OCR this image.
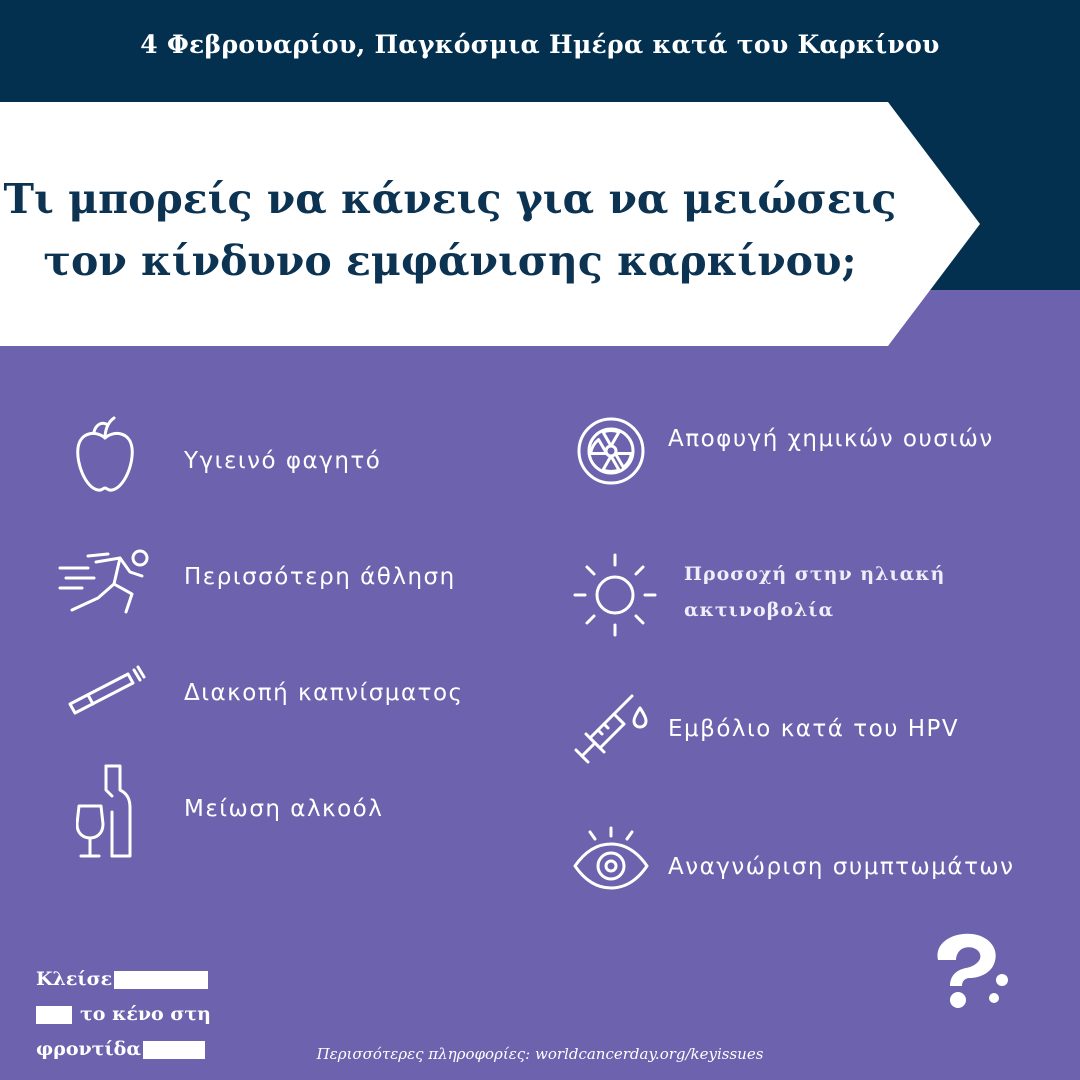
4 Φεβρουαρίου, Παγκόσμια Ημέρα κατά του Καρκίνου
Τι μπορείς να κάνεις για να μειώσεις
τον κίνδυνο εμφάνισης καρκίνου;
Υγιεινό φαγητό
Περισσότερη άθληση
Διακοπή καπνίσματος
Μείωση αλκοόλ
Αποφυγή χημικών ουσιών
Προσοχή στην ηλιακή
ακτινοβολία
Εμβόλιο κατά του HPV
Αναγνώριση συμπτωμάτων
Κλείσε
το κένο στη
φροντίδα	Περισσότερες πληροφορίες: worldcancerday.org/keyissues
